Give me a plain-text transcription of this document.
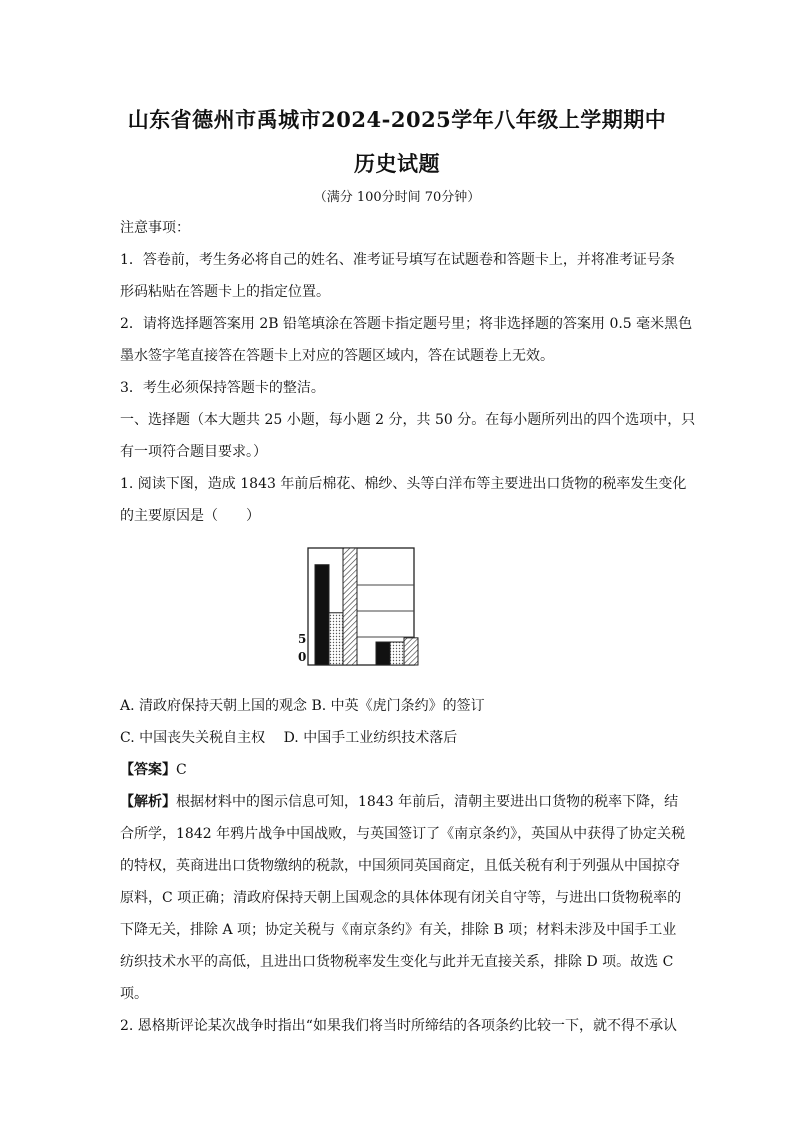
山东省德州市禹城市2024-2025学年八年级上学期期中
历史试题
（满分 100分时间 70分钟）
注意事项：
1．答卷前，考生务必将自己的姓名、准考证号填写在试题卷和答题卡上，并将准考证号条
形码粘贴在答题卡上的指定位置。
2．请将选择题答案用 2B 铅笔填涂在答题卡指定题号里；将非选择题的答案用 0.5 毫米黑色
墨水签字笔直接答在答题卡上对应的答题区域内，答在试题卷上无效。
3．考生必须保持答题卡的整洁。
一、选择题（本大题共 25 小题，每小题 2 分，共 50 分。在每小题所列出的四个选项中，只
有一项符合题目要求。）
1. 阅读下图，造成 1843 年前后棉花、棉纱、头等白洋布等主要进出口货物的税率发生变化
的主要原因是（　　）
5
0
A. 清政府保持天朝上国的观念 B. 中英《虎门条约》的签订
C. 中国丧失关税自主权　 D. 中国手工业纺织技术落后
【答案】C
【解析】根据材料中的图示信息可知，1843 年前后，清朝主要进出口货物的税率下降，结
合所学，1842 年鸦片战争中国战败，与英国签订了《南京条约》，英国从中获得了协定关税
的特权，英商进出口货物缴纳的税款，中国须同英国商定，且低关税有利于列强从中国掠夺
原料，C 项正确；清政府保持天朝上国观念的具体体现有闭关自守等，与进出口货物税率的
下降无关，排除 A 项；协定关税与《南京条约》有关，排除 B 项；材料未涉及中国手工业
纺织技术水平的高低，且进出口货物税率发生变化与此并无直接关系，排除 D 项。故选 C
项。
2. 恩格斯评论某次战争时指出“如果我们将当时所缔结的各项条约比较一下，就不得不承认
